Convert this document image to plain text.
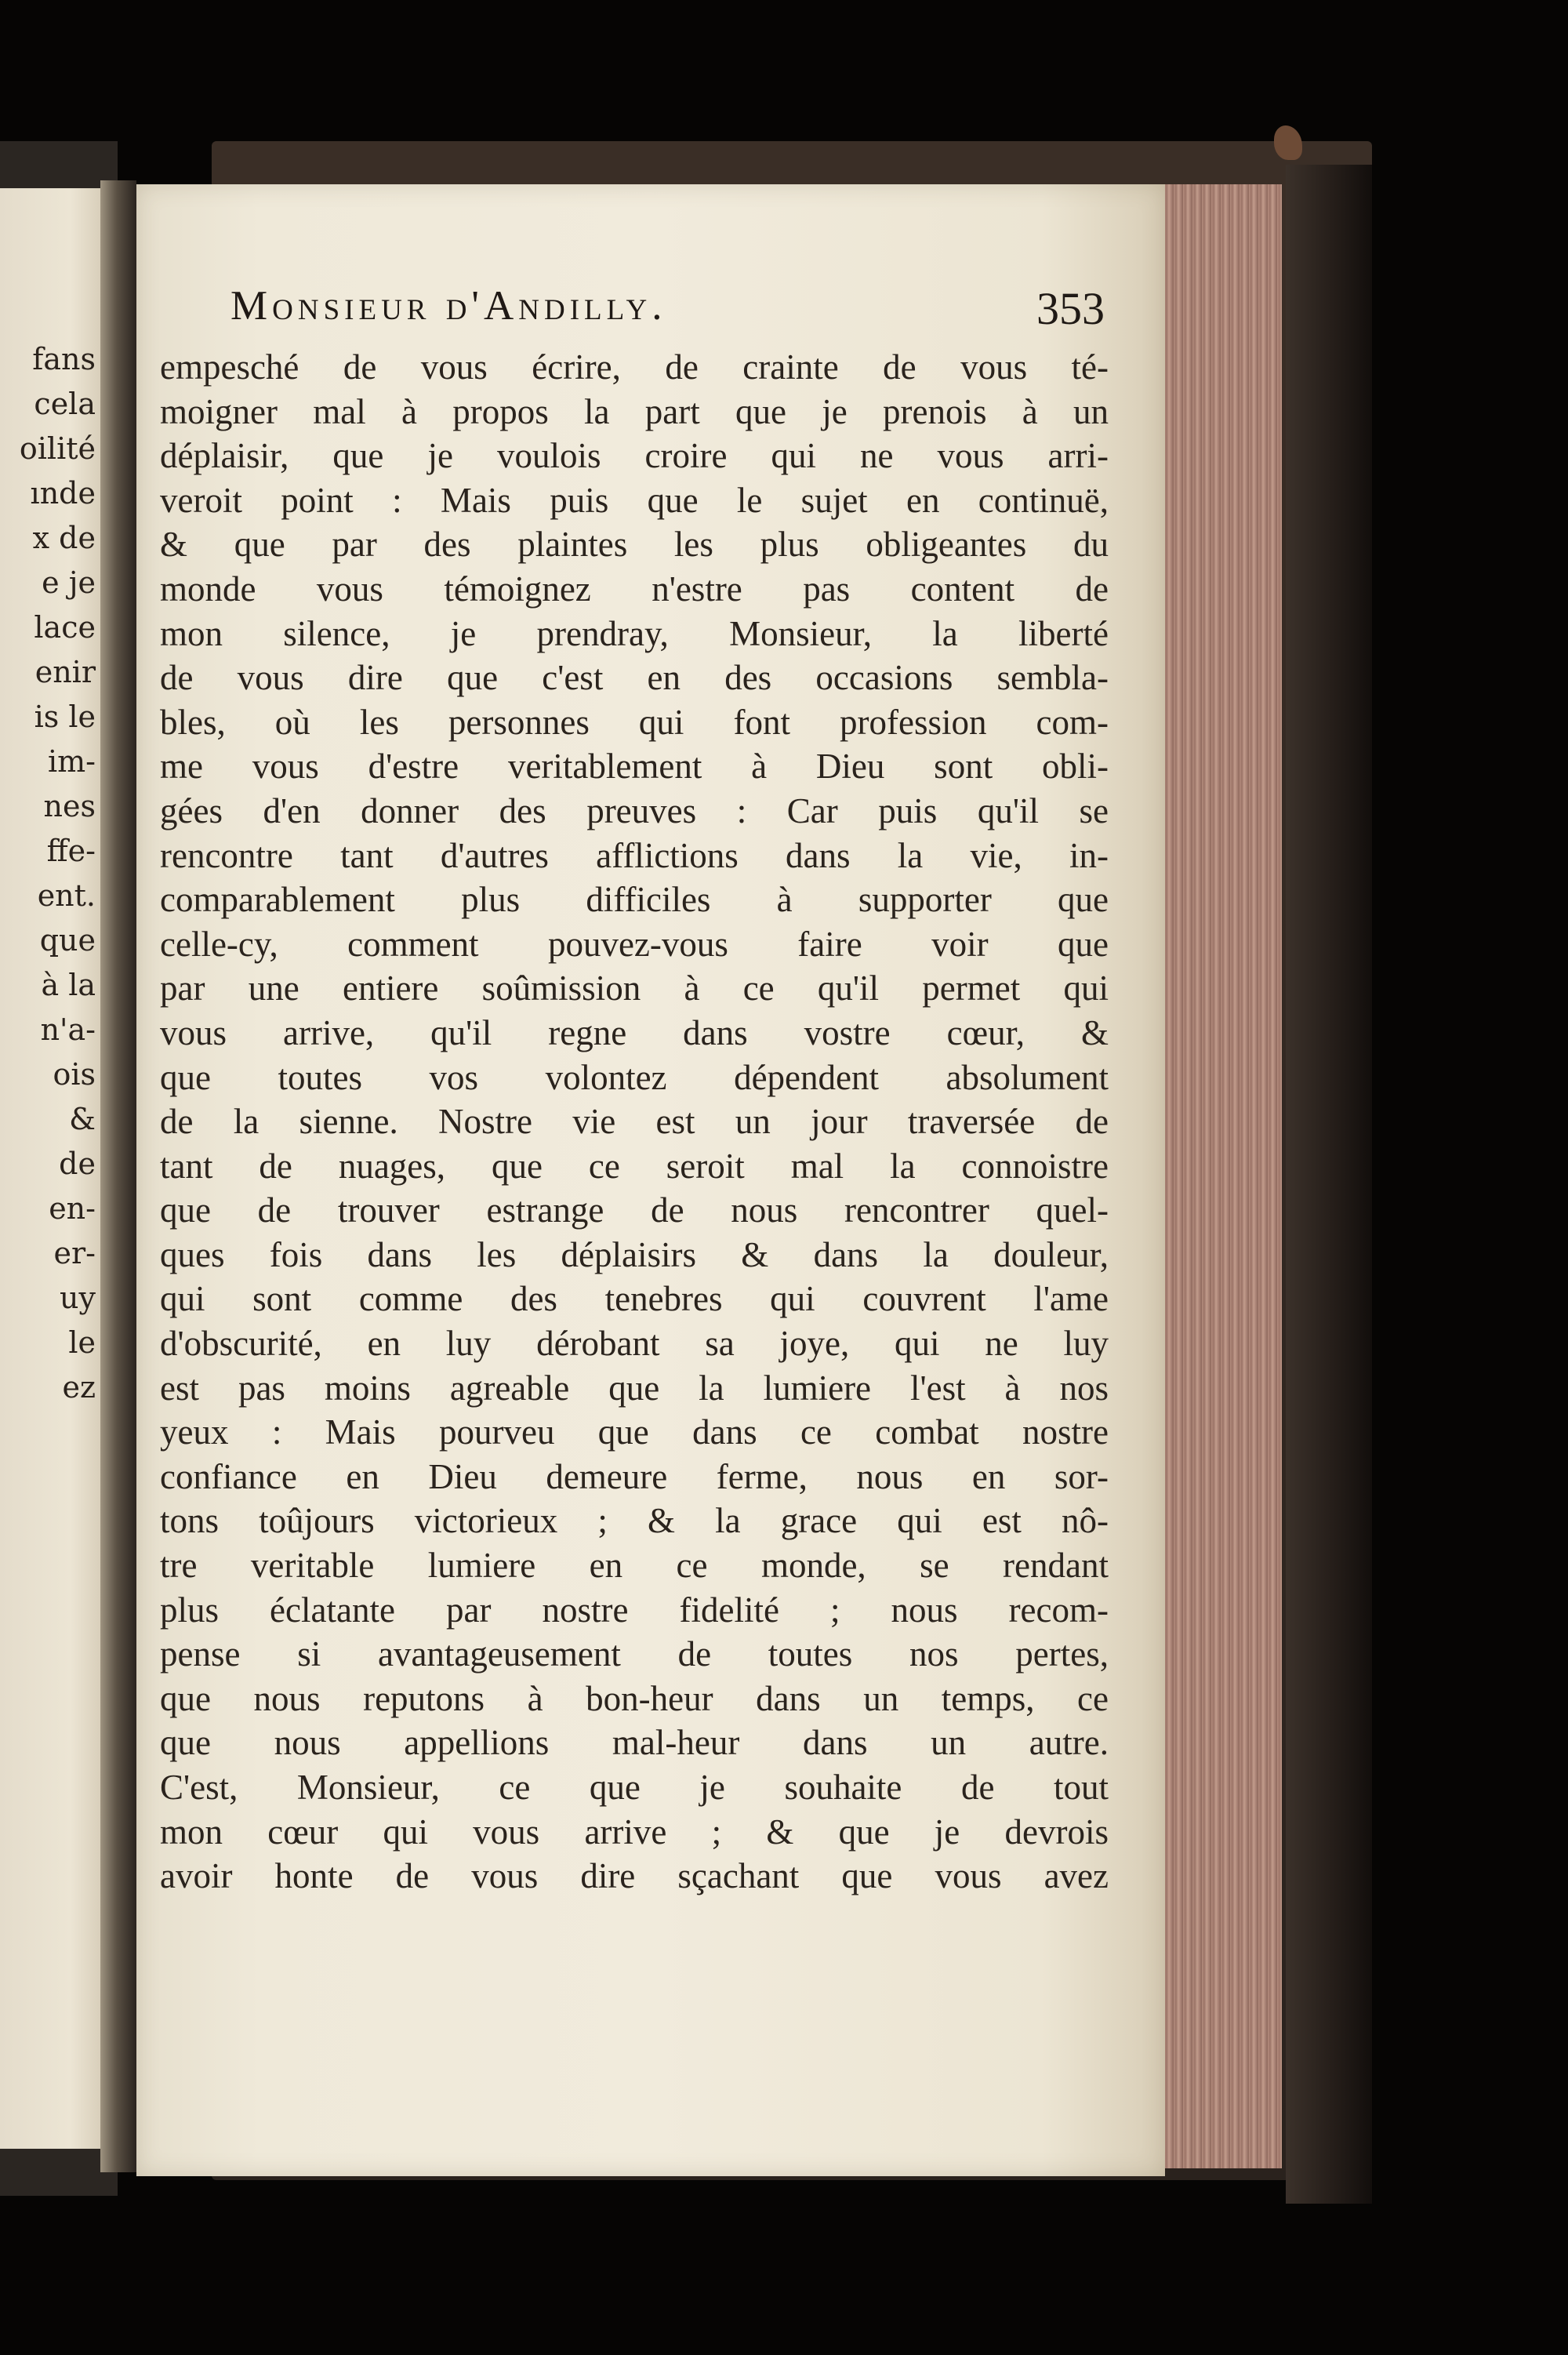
fans
cela
oilité
ınde
x de
e je
lace
enir
is le
im-
nes
ffe-
ent.
que
à la
n'a-
ois
&
de
en-
er-
uy
le
ez
Monsieur d'Andilly.	353
empesché de vous écrire, de crainte de vous té-
moigner mal à propos la part que je prenois à un
déplaisir, que je voulois croire qui ne vous arri-
veroit point : Mais puis que le sujet en continuë,
& que par des plaintes les plus obligeantes du
monde vous témoignez n'estre pas content de
mon silence, je prendray, Monsieur, la liberté
de vous dire que c'est en des occasions sembla-
bles, où les personnes qui font profession com-
me vous d'estre veritablement à Dieu sont obli-
gées d'en donner des preuves : Car puis qu'il se
rencontre tant d'autres afflictions dans la vie, in-
comparablement plus difficiles à supporter que
celle-cy, comment pouvez-vous faire voir que
par une entiere soûmission à ce qu'il permet qui
vous arrive, qu'il regne dans vostre cœur, &
que toutes vos volontez dépendent absolument
de la sienne. Nostre vie est un jour traversée de
tant de nuages, que ce seroit mal la connoistre
que de trouver estrange de nous rencontrer quel-
ques fois dans les déplaisirs & dans la douleur,
qui sont comme des tenebres qui couvrent l'ame
d'obscurité, en luy dérobant sa joye, qui ne luy
est pas moins agreable que la lumiere l'est à nos
yeux : Mais pourveu que dans ce combat nostre
confiance en Dieu demeure ferme, nous en sor-
tons toûjours victorieux ; & la grace qui est nô-
tre veritable lumiere en ce monde, se rendant
plus éclatante par nostre fidelité ; nous recom-
pense si avantageusement de toutes nos pertes,
que nous reputons à bon-heur dans un temps, ce
que nous appellions mal-heur dans un autre.
C'est, Monsieur, ce que je souhaite de tout
mon cœur qui vous arrive ; & que je devrois
avoir honte de vous dire sçachant que vous avez
